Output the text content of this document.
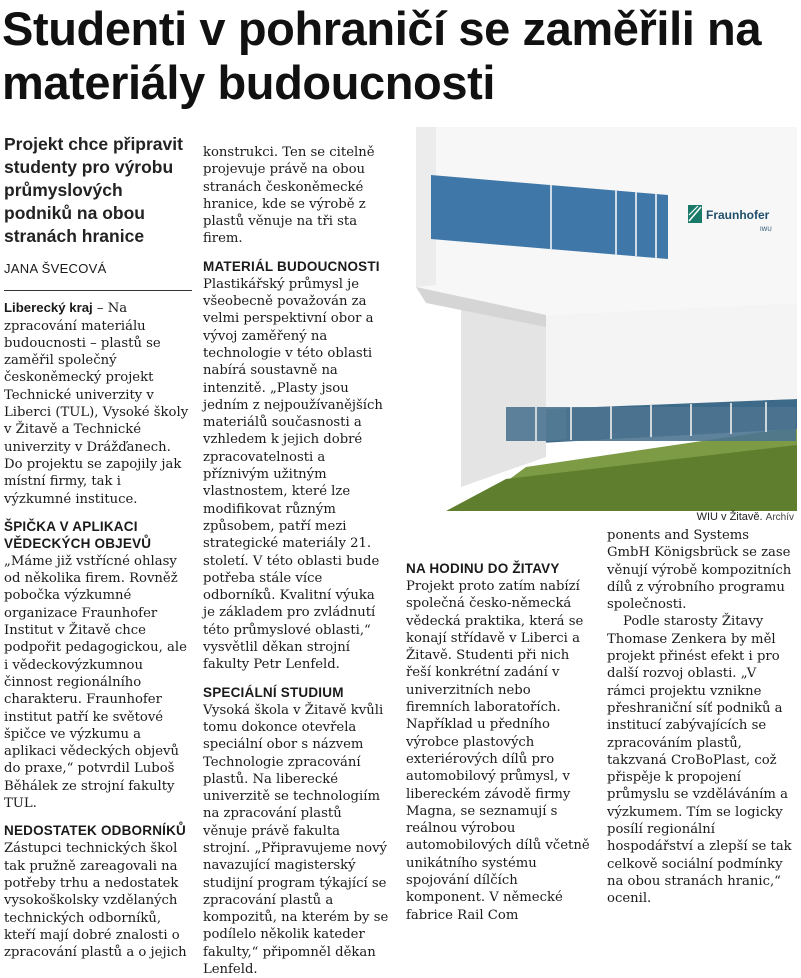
Studenti v pohraničí se zaměřili na materiály budoucnosti

Projekt chce připravit studenty pro výrobu průmyslových podniků na obou stranách hranice

JANA ŠVECOVÁ

Liberecký kraj – Na zpracování materiálu budoucnosti – plastů se zaměřil společný českoněmecký projekt Technické univerzity v Liberci (TUL), Vysoké školy v Žitavě a Technické univerzity v Drážďanech. Do projektu se zapojily jak místní firmy, tak i výzkumné instituce.

ŠPIČKA V APLIKACI VĚDECKÝCH OBJEVŮ

„Máme již vstřícné ohlasy od několika firem. Rovněž pobočka výzkumné organizace Fraunhofer Institut v Žitavě chce podpořit pedagogickou, ale i vědeckovýzkumnou činnost regionálního charakteru. Fraunhofer institut patří ke světové špičce ve výzkumu a aplikaci vědeckých objevů do praxe,“ potvrdil Luboš Běhálek ze strojní fakulty TUL.

NEDOSTATEK ODBORNÍKŮ

Zástupci technických škol tak pružně zareagovali na potřeby trhu a nedostatek vysokoškolsky vzdělaných technických odborníků, kteří mají dobré znalosti o zpracování plastů a o jejich

konstrukci. Ten se citelně projevuje právě na obou stranách českoněmecké hranice, kde se výrobě z plastů věnuje na tři sta firem.

MATERIÁL BUDOUCNOSTI

Plastikářský průmysl je všeobecně považován za velmi perspektivní obor a vývoj zaměřený na technologie v této oblasti nabírá soustavně na intenzitě. „Plasty jsou jedním z nejpoužívanějších materiálů současnosti a vzhledem k jejich dobré zpracovatelnosti a příznivým užitným vlastnostem, které lze modifikovat různým způsobem, patří mezi strategické materiály 21. století. V této oblasti bude potřeba stále více odborníků. Kvalitní výuka je základem pro zvládnutí této průmyslové oblasti,“ vysvětlil děkan strojní fakulty Petr Lenfeld.

SPECIÁLNÍ STUDIUM

Vysoká škola v Žitavě kvůli tomu dokonce otevřela speciální obor s názvem Technologie zpracování plastů. Na liberecké univerzitě se technologiím na zpracování plastů věnuje právě fakulta strojní. „Připravujeme nový navazující magisterský studijní program týkající se zpracování plastů a kompozitů, na kterém by se podílelo několik kateder fakulty,“ připomněl děkan Lenfeld.

Fraunhofer
IWU
WIU v Žitavě. Archív

NA HODINU DO ŽITAVY

Projekt proto zatím nabízí společná česko-německá vědecká praktika, která se konají střídavě v Liberci a Žitavě. Studenti při nich řeší konkrétní zadání v univerzitních nebo firemních laboratořích. Například u předního výrobce plastových exteriérových dílů pro automobilový průmysl, v libereckém závodě firmy Magna, se seznamují s reálnou výrobou automobilových dílů včetně unikátního systému spojování dílčích komponent. V německé fabrice Rail Com

ponents and Systems GmbH Königsbrück se zase věnují výrobě kompozitních dílů z výrobního programu společnosti.

Podle starosty Žitavy Thomase Zenkera by měl projekt přinést efekt i pro další rozvoj oblasti. „V rámci projektu vznikne přeshraniční síť podniků a institucí zabývajících se zpracováním plastů, takzvaná CroBoPlast, což přispěje k propojení průmyslu se vzděláváním a výzkumem. Tím se logicky posílí regionální hospodářství a zlepší se tak celkově sociální podmínky na obou stranách hranic,“ ocenil.
